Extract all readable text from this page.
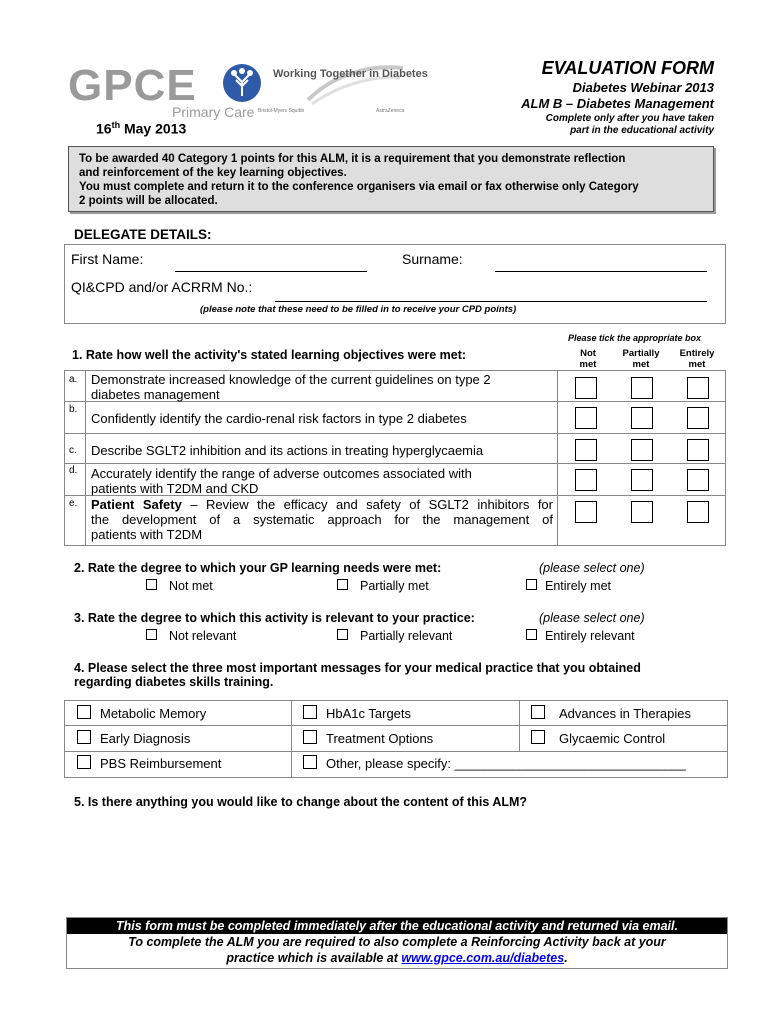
GPCE
Primary Care
Working Together in Diabetes
Bristol-Myers Squibb	AstraZeneca
16th May 2013
EVALUATION FORM
Diabetes Webinar 2013
ALM B – Diabetes Management
Complete only after you have taken
part in the educational activity
To be awarded 40 Category 1 points for this ALM, it is a requirement that you demonstrate reflection
and reinforcement of the key learning objectives.
You must complete and return it to the conference organisers via email or fax otherwise only Category
2 points will be allocated.
DELEGATE DETAILS:
First Name:	Surname:
QI&CPD and/or ACRRM No.:
(please note that these need to be filled in to receive your CPD points)
Please tick the appropriate box
1. Rate how well the activity's stated learning objectives were met:	Not
met
Partially
met
Entirely
met
a. Demonstrate increased knowledge of the current guidelines on type 2
diabetes management
b.
Confidently identify the cardio-renal risk factors in type 2 diabetes
c. Describe SGLT2 inhibition and its actions in treating hyperglycaemia
d. Accurately identify the range of adverse outcomes associated with
patients with T2DM and CKD
e. Patient Safety – Review the efficacy and safety of SGLT2 inhibitors for
the development of a systematic approach for the management of
patients with T2DM
2. Rate the degree to which your GP learning needs were met:	(please select one)
Not met	Partially met	Entirely met
3. Rate the degree to which this activity is relevant to your practice:	(please select one)
Not relevant	Partially relevant	Entirely relevant
4. Please select the three most important messages for your medical practice that you obtained
regarding diabetes skills training.
Metabolic Memory	HbA1c Targets	Advances in Therapies
Early Diagnosis	Treatment Options	Glycaemic Control
PBS Reimbursement	Other, please specify: ________________________________
5. Is there anything you would like to change about the content of this ALM?
This form must be completed immediately after the educational activity and returned via email.
To complete the ALM you are required to also complete a Reinforcing Activity back at your
practice which is available at www.gpce.com.au/diabetes.
